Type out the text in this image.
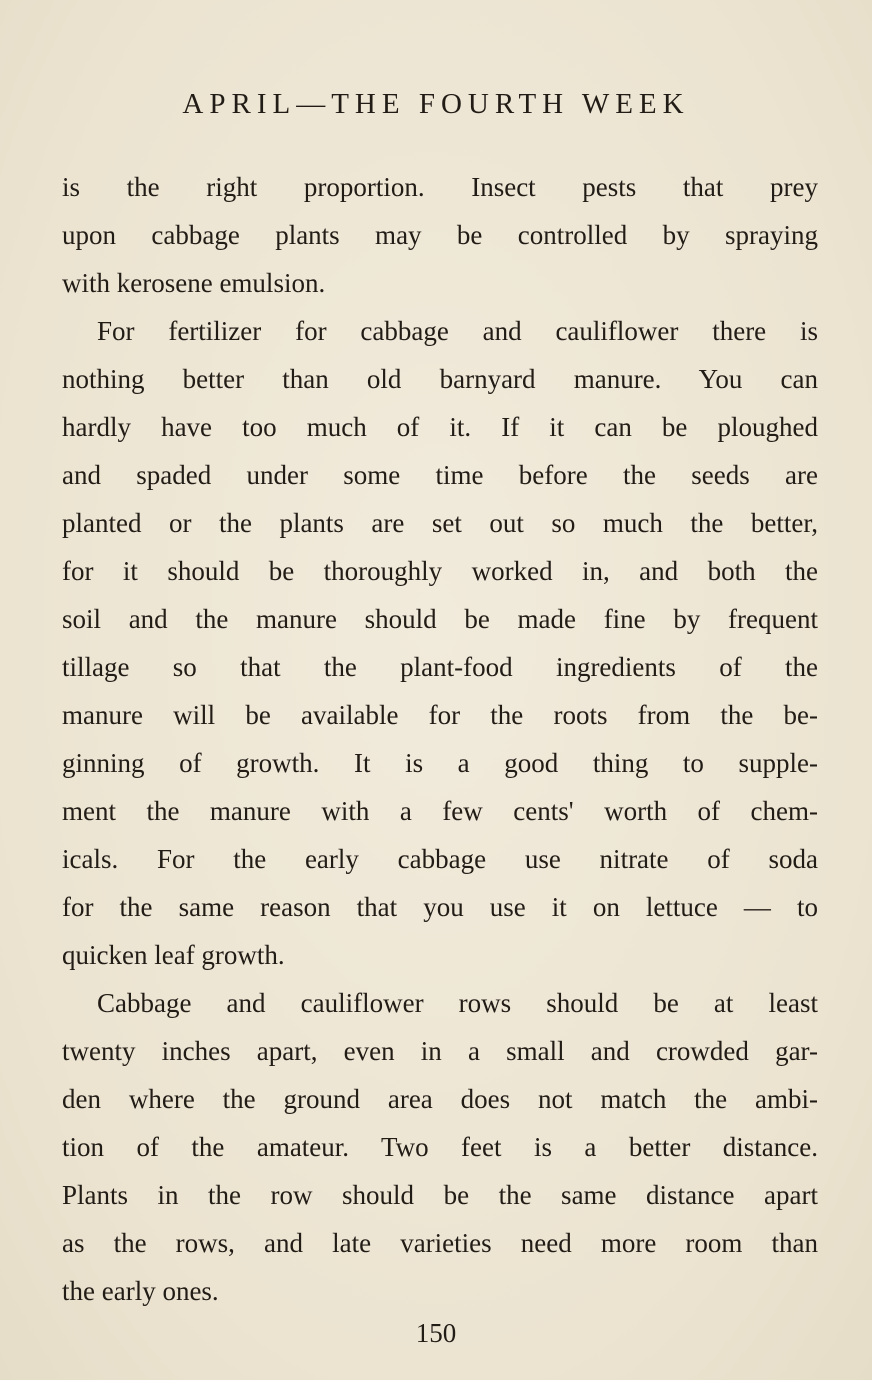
APRIL—THE FOURTH WEEK
is the right proportion. Insect pests that prey
upon cabbage plants may be controlled by spraying
with kerosene emulsion.
For fertilizer for cabbage and cauliflower there is
nothing better than old barnyard manure. You can
hardly have too much of it. If it can be ploughed
and spaded under some time before the seeds are
planted or the plants are set out so much the better,
for it should be thoroughly worked in, and both the
soil and the manure should be made fine by frequent
tillage so that the plant-food ingredients of the
manure will be available for the roots from the be-
ginning of growth. It is a good thing to supple-
ment the manure with a few cents' worth of chem-
icals. For the early cabbage use nitrate of soda
for the same reason that you use it on lettuce — to
quicken leaf growth.
Cabbage and cauliflower rows should be at least
twenty inches apart, even in a small and crowded gar-
den where the ground area does not match the ambi-
tion of the amateur. Two feet is a better distance.
Plants in the row should be the same distance apart
as the rows, and late varieties need more room than
the early ones.
150
